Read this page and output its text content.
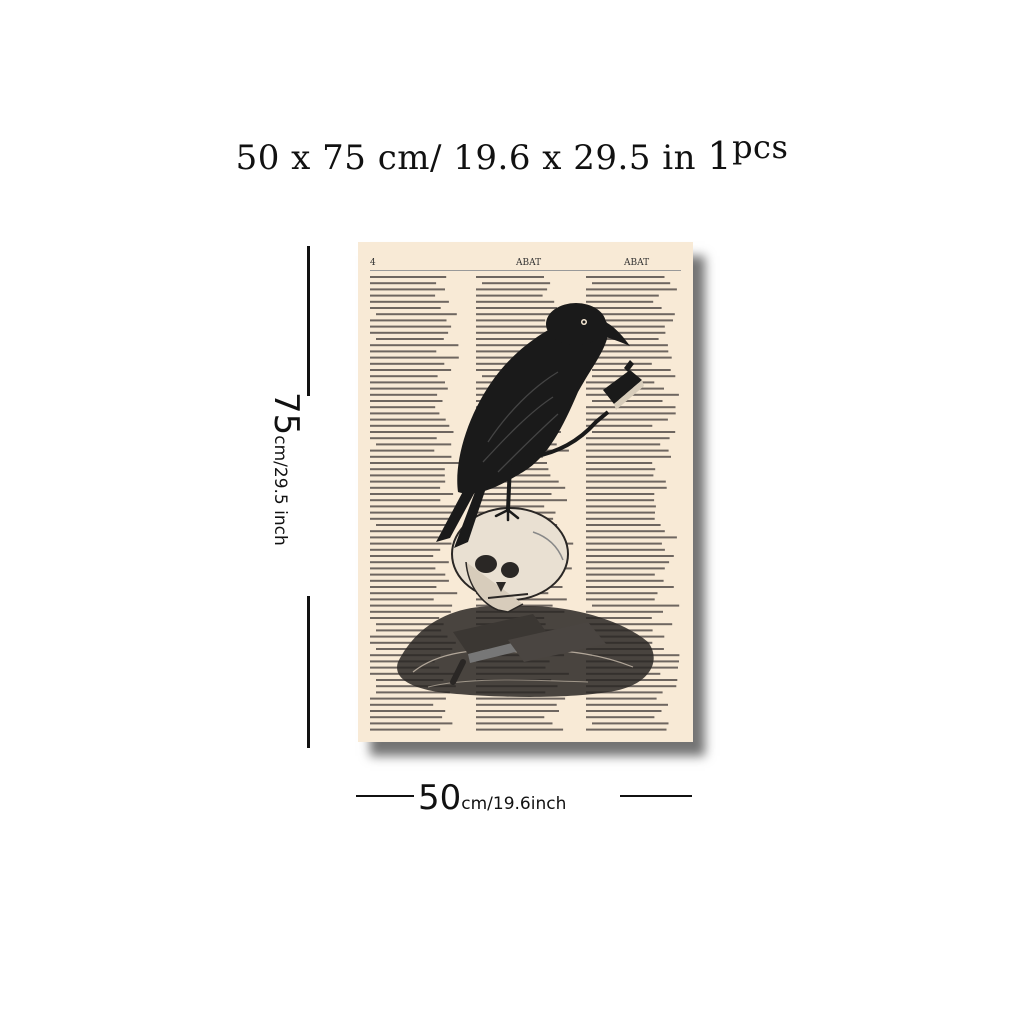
50 x 75 cm/ 19.6 x 29.5 in 1pcs
75cm/29.5 inch
4	ABAT	ABAT
50cm/19.6inch
